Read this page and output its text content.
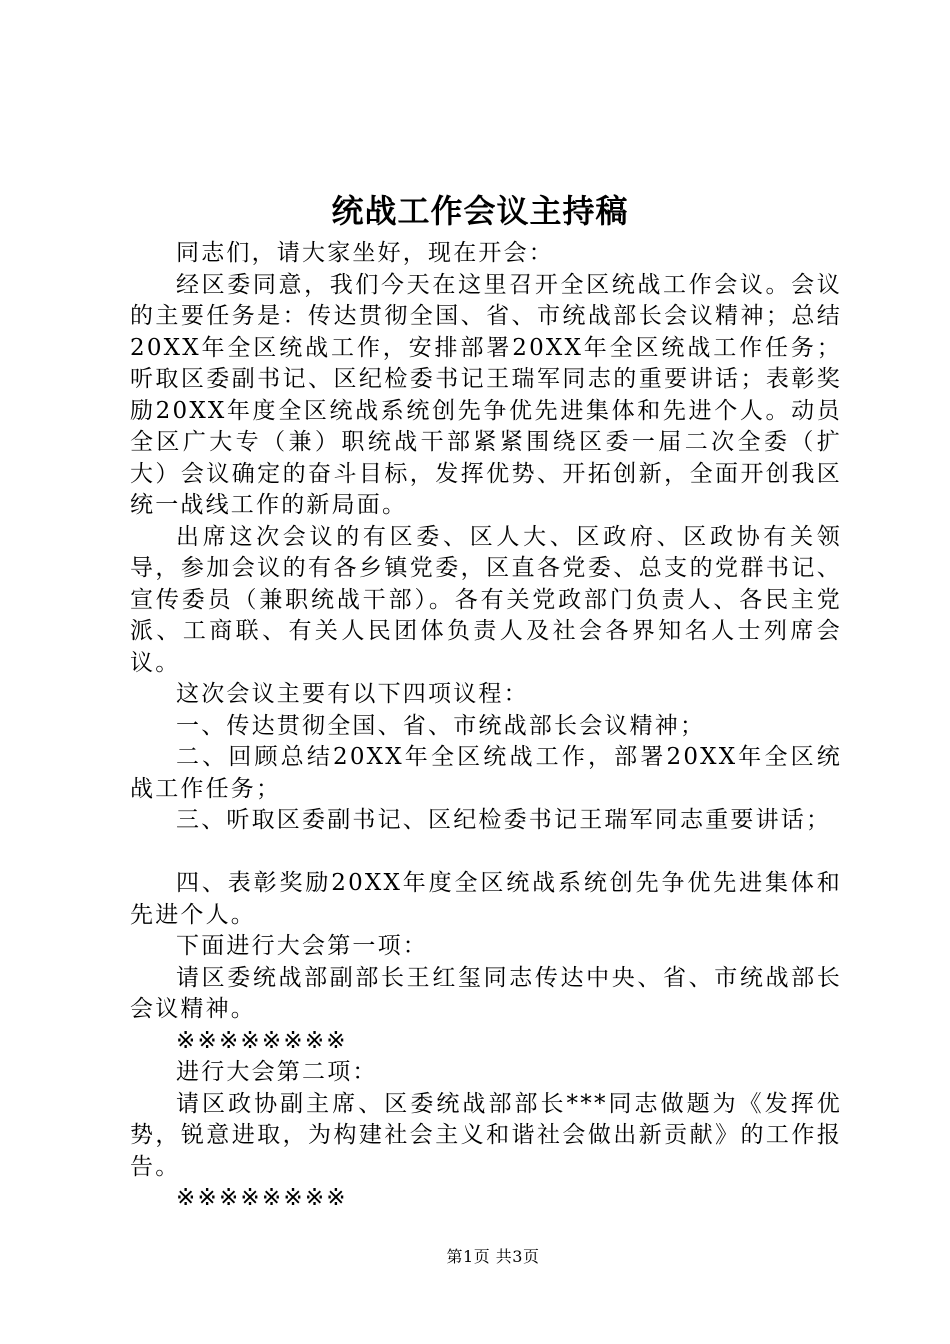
统战工作会议主持稿

同志们，请大家坐好，现在开会：

经区委同意，我们今天在这里召开全区统战工作会议。会议的主要任务是：传达贯彻全国、省、市统战部长会议精神；总结20XX年全区统战工作，安排部署20XX年全区统战工作任务；听取区委副书记、区纪检委书记王瑞军同志的重要讲话；表彰奖励20XX年度全区统战系统创先争优先进集体和先进个人。动员全区广大专（兼）职统战干部紧紧围绕区委一届二次全委（扩大）会议确定的奋斗目标，发挥优势、开拓创新，全面开创我区统一战线工作的新局面。

出席这次会议的有区委、区人大、区政府、区政协有关领导，参加会议的有各乡镇党委，区直各党委、总支的党群书记、宣传委员（兼职统战干部）。各有关党政部门负责人、各民主党派、工商联、有关人民团体负责人及社会各界知名人士列席会议。

这次会议主要有以下四项议程：

一、传达贯彻全国、省、市统战部长会议精神；

二、回顾总结20XX年全区统战工作，部署20XX年全区统战工作任务；

三、听取区委副书记、区纪检委书记王瑞军同志重要讲话；

四、表彰奖励20XX年度全区统战系统创先争优先进集体和先进个人。

下面进行大会第一项：

请区委统战部副部长王红玺同志传达中央、省、市统战部长会议精神。

※※※※※※※※

进行大会第二项：

请区政协副主席、区委统战部部长***同志做题为《发挥优势，锐意进取，为构建社会主义和谐社会做出新贡献》的工作报告。

※※※※※※※※

第1页 共3页
